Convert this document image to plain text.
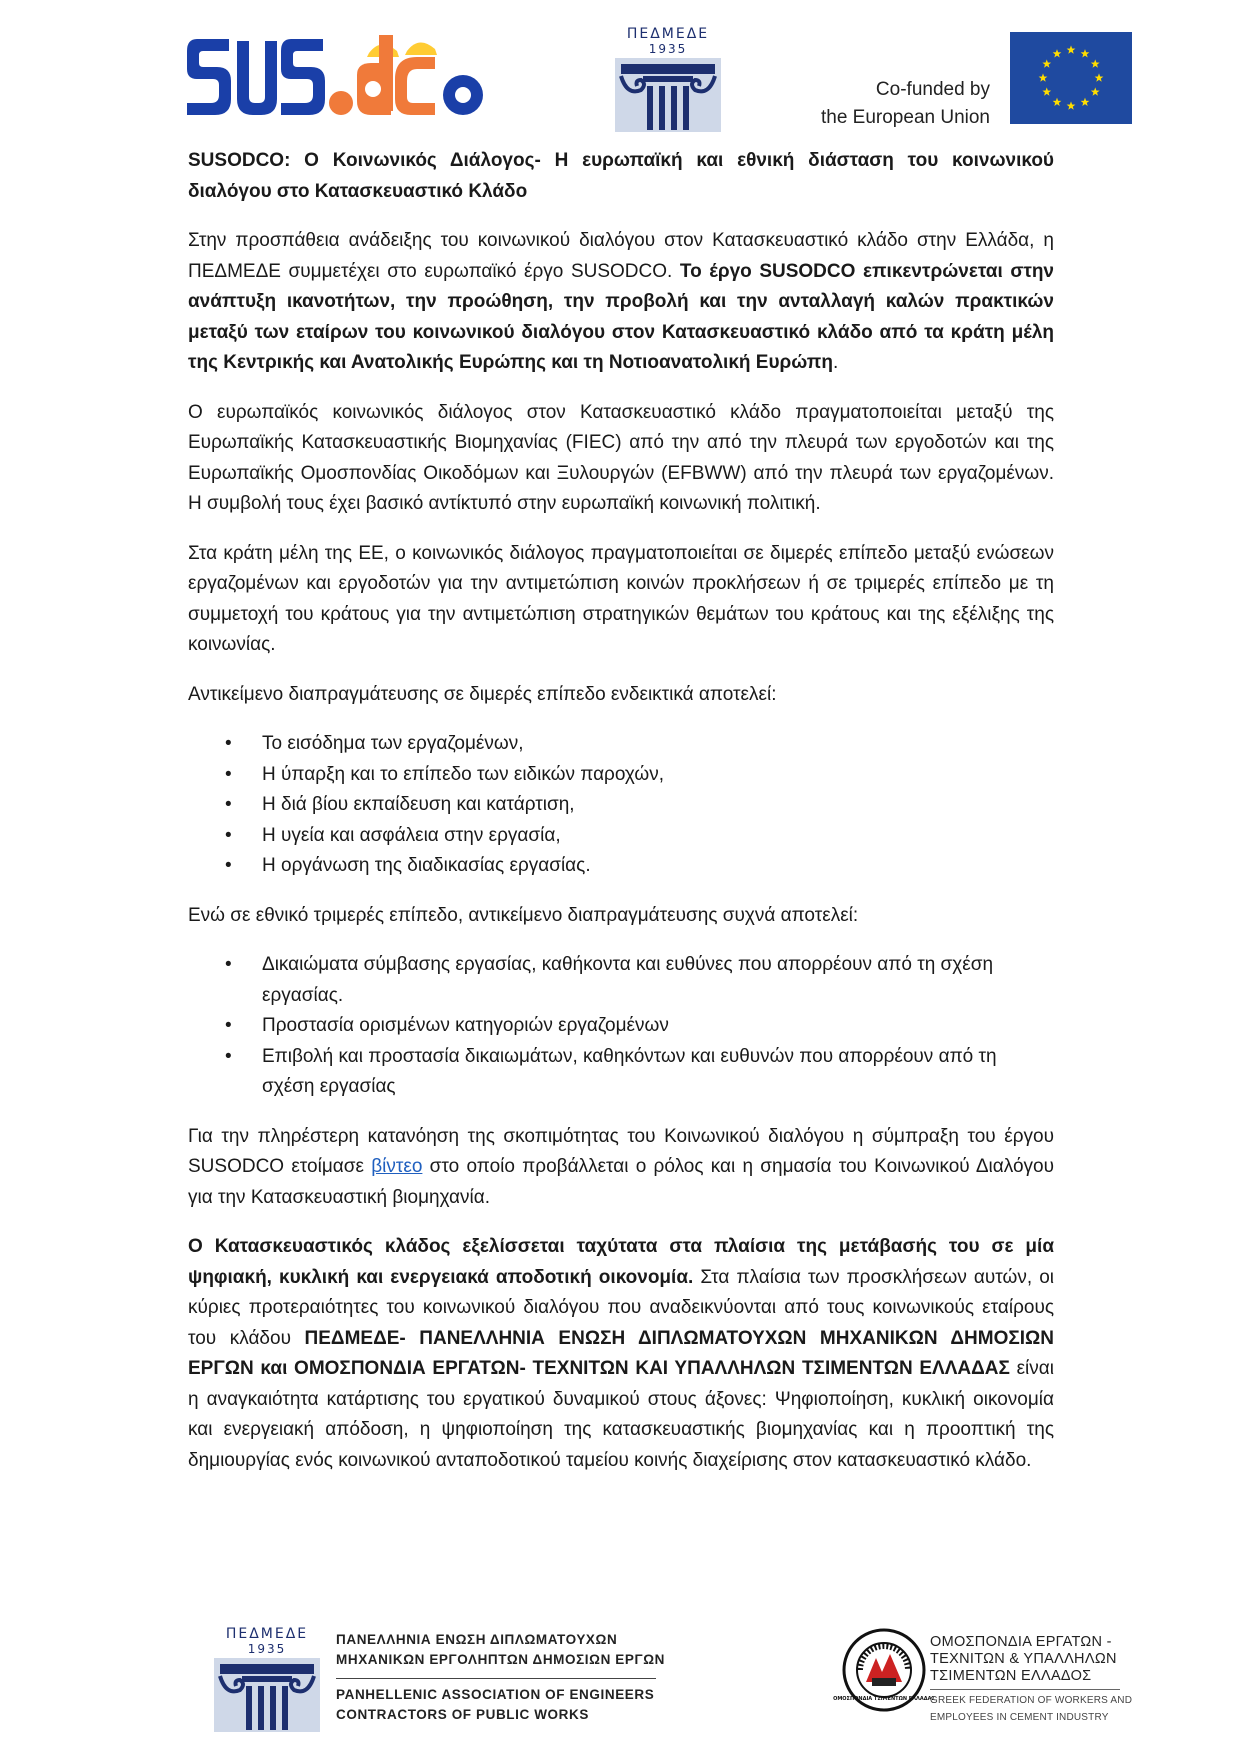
ΠΕΔΜΕΔΕ
1935
Co-funded by
the European Union

SUSODCO: Ο Κοινωνικός Διάλογος- Η ευρωπαϊκή και εθνική διάσταση του κοινωνικού διαλόγου στο Κατασκευαστικό Κλάδο

Στην προσπάθεια ανάδειξης του κοινωνικού διαλόγου στον Κατασκευαστικό κλάδο στην Ελλάδα, η ΠΕΔΜΕΔΕ συμμετέχει στο ευρωπαϊκό έργο SUSODCO. Το έργο SUSODCO επικεντρώνεται στην ανάπτυξη ικανοτήτων, την προώθηση, την προβολή και την ανταλλαγή καλών πρακτικών μεταξύ των εταίρων του κοινωνικού διαλόγου στον Κατασκευαστικό κλάδο από τα κράτη μέλη της Κεντρικής και Ανατολικής Ευρώπης και τη Νοτιοανατολική Ευρώπη.

Ο ευρωπαϊκός κοινωνικός διάλογος στον Κατασκευαστικό κλάδο πραγματοποιείται μεταξύ της Ευρωπαϊκής Κατασκευαστικής Βιομηχανίας (FIEC) από την από την πλευρά των εργοδοτών και της Ευρωπαϊκής Ομοσπονδίας Οικοδόμων και Ξυλουργών (EFBWW) από την πλευρά των εργαζομένων. Η συμβολή τους έχει βασικό αντίκτυπό στην ευρωπαϊκή κοινωνική πολιτική.

Στα κράτη μέλη της ΕΕ, ο κοινωνικός διάλογος πραγματοποιείται σε διμερές επίπεδο μεταξύ ενώσεων εργαζομένων και εργοδοτών για την αντιμετώπιση κοινών προκλήσεων ή σε τριμερές επίπεδο με τη συμμετοχή του κράτους για την αντιμετώπιση στρατηγικών θεμάτων του κράτους και της εξέλιξης της κοινωνίας.

Αντικείμενο διαπραγμάτευσης σε διμερές επίπεδο ενδεικτικά αποτελεί:

• Το εισόδημα των εργαζομένων,
• Η ύπαρξη και το επίπεδο των ειδικών παροχών,
• Η διά βίου εκπαίδευση και κατάρτιση,
• Η υγεία και ασφάλεια στην εργασία,
• Η οργάνωση της διαδικασίας εργασίας.

Ενώ σε εθνικό τριμερές επίπεδο, αντικείμενο διαπραγμάτευσης συχνά αποτελεί:

• Δικαιώματα σύμβασης εργασίας, καθήκοντα και ευθύνες που απορρέουν από τη σχέση εργασίας.
• Προστασία ορισμένων κατηγοριών εργαζομένων
• Επιβολή και προστασία δικαιωμάτων, καθηκόντων και ευθυνών που απορρέουν από τη σχέση εργασίας

Για την πληρέστερη κατανόηση της σκοπιμότητας του Κοινωνικού διαλόγου η σύμπραξη του έργου SUSODCO ετοίμασε βίντεο στο οποίο προβάλλεται ο ρόλος και η σημασία του Κοινωνικού Διαλόγου για την Κατασκευαστική βιομηχανία.

Ο Κατασκευαστικός κλάδος εξελίσσεται ταχύτατα στα πλαίσια της μετάβασής του σε μία ψηφιακή, κυκλική και ενεργειακά αποδοτική οικονομία. Στα πλαίσια των προσκλήσεων αυτών, οι κύριες προτεραιότητες του κοινωνικού διαλόγου που αναδεικνύονται από τους κοινωνικούς εταίρους του κλάδου ΠΕΔΜΕΔΕ- ΠΑΝΕΛΛΗΝΙΑ ΕΝΩΣΗ ΔΙΠΛΩΜΑΤΟΥΧΩΝ ΜΗΧΑΝΙΚΩΝ ΔΗΜΟΣΙΩΝ ΕΡΓΩΝ και ΟΜΟΣΠΟΝΔΙΑ ΕΡΓΑΤΩΝ- ΤΕΧΝΙΤΩΝ ΚΑΙ ΥΠΑΛΛΗΛΩΝ ΤΣΙΜΕΝΤΩΝ ΕΛΛΑΔΑΣ είναι η αναγκαιότητα κατάρτισης του εργατικού δυναμικού στους άξονες: Ψηφιοποίηση, κυκλική οικονομία και ενεργειακή απόδοση, η ψηφιοποίηση της κατασκευαστικής βιομηχανίας και η προοπτική της δημιουργίας ενός κοινωνικού ανταποδοτικού ταμείου κοινής διαχείρισης στον κατασκευαστικό κλάδο.

ΠΕΔΜΕΔΕ
1935
ΠΑΝΕΛΛΗΝΙΑ ΕΝΩΣΗ ΔΙΠΛΩΜΑΤΟΥΧΩΝ
ΜΗΧΑΝΙΚΩΝ ΕΡΓΟΛΗΠΤΩΝ ΔΗΜΟΣΙΩΝ ΕΡΓΩΝ
PANHELLENIC ASSOCIATION OF ENGINEERS
CONTRACTORS OF PUBLIC WORKS
ΟΜΟΣΠΟΝΔΙΑ ΤΣΙΜΕΝΤΩΝ ΕΛΛΑΔΑΣ
ΟΜΟΣΠΟΝΔΙΑ ΕΡΓΑΤΩΝ -
ΤΕΧΝΙΤΩΝ & ΥΠΑΛΛΗΛΩΝ
ΤΣΙΜΕΝΤΩΝ ΕΛΛΑΔΟΣ
GREEK FEDERATION OF WORKERS AND
EMPLOYEES IN CEMENT INDUSTRY
